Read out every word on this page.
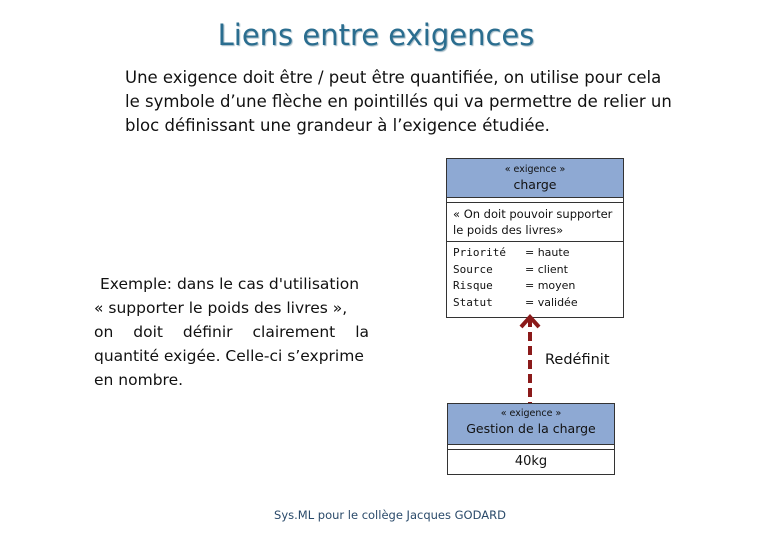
Liens entre exigences
Une exigence doit être / peut être quantifiée, on utilise pour cela
le symbole d’une flèche en pointillés qui va permettre de relier un
bloc définissant une grandeur à l’exigence étudiée.
Exemple: dans le cas d'utilisation
« supporter le poids des livres »,
on doit définir clairement la
quantité exigée. Celle-ci s’exprime
en nombre.
« exigence »
charge
« On doit pouvoir supporter
le poids des livres»
Priorité
Source
Risque
Statut
= haute
= client
= moyen
= validée
Redéfinit
« exigence »
Gestion de la charge
40kg
Sys.ML pour le collège Jacques GODARD
